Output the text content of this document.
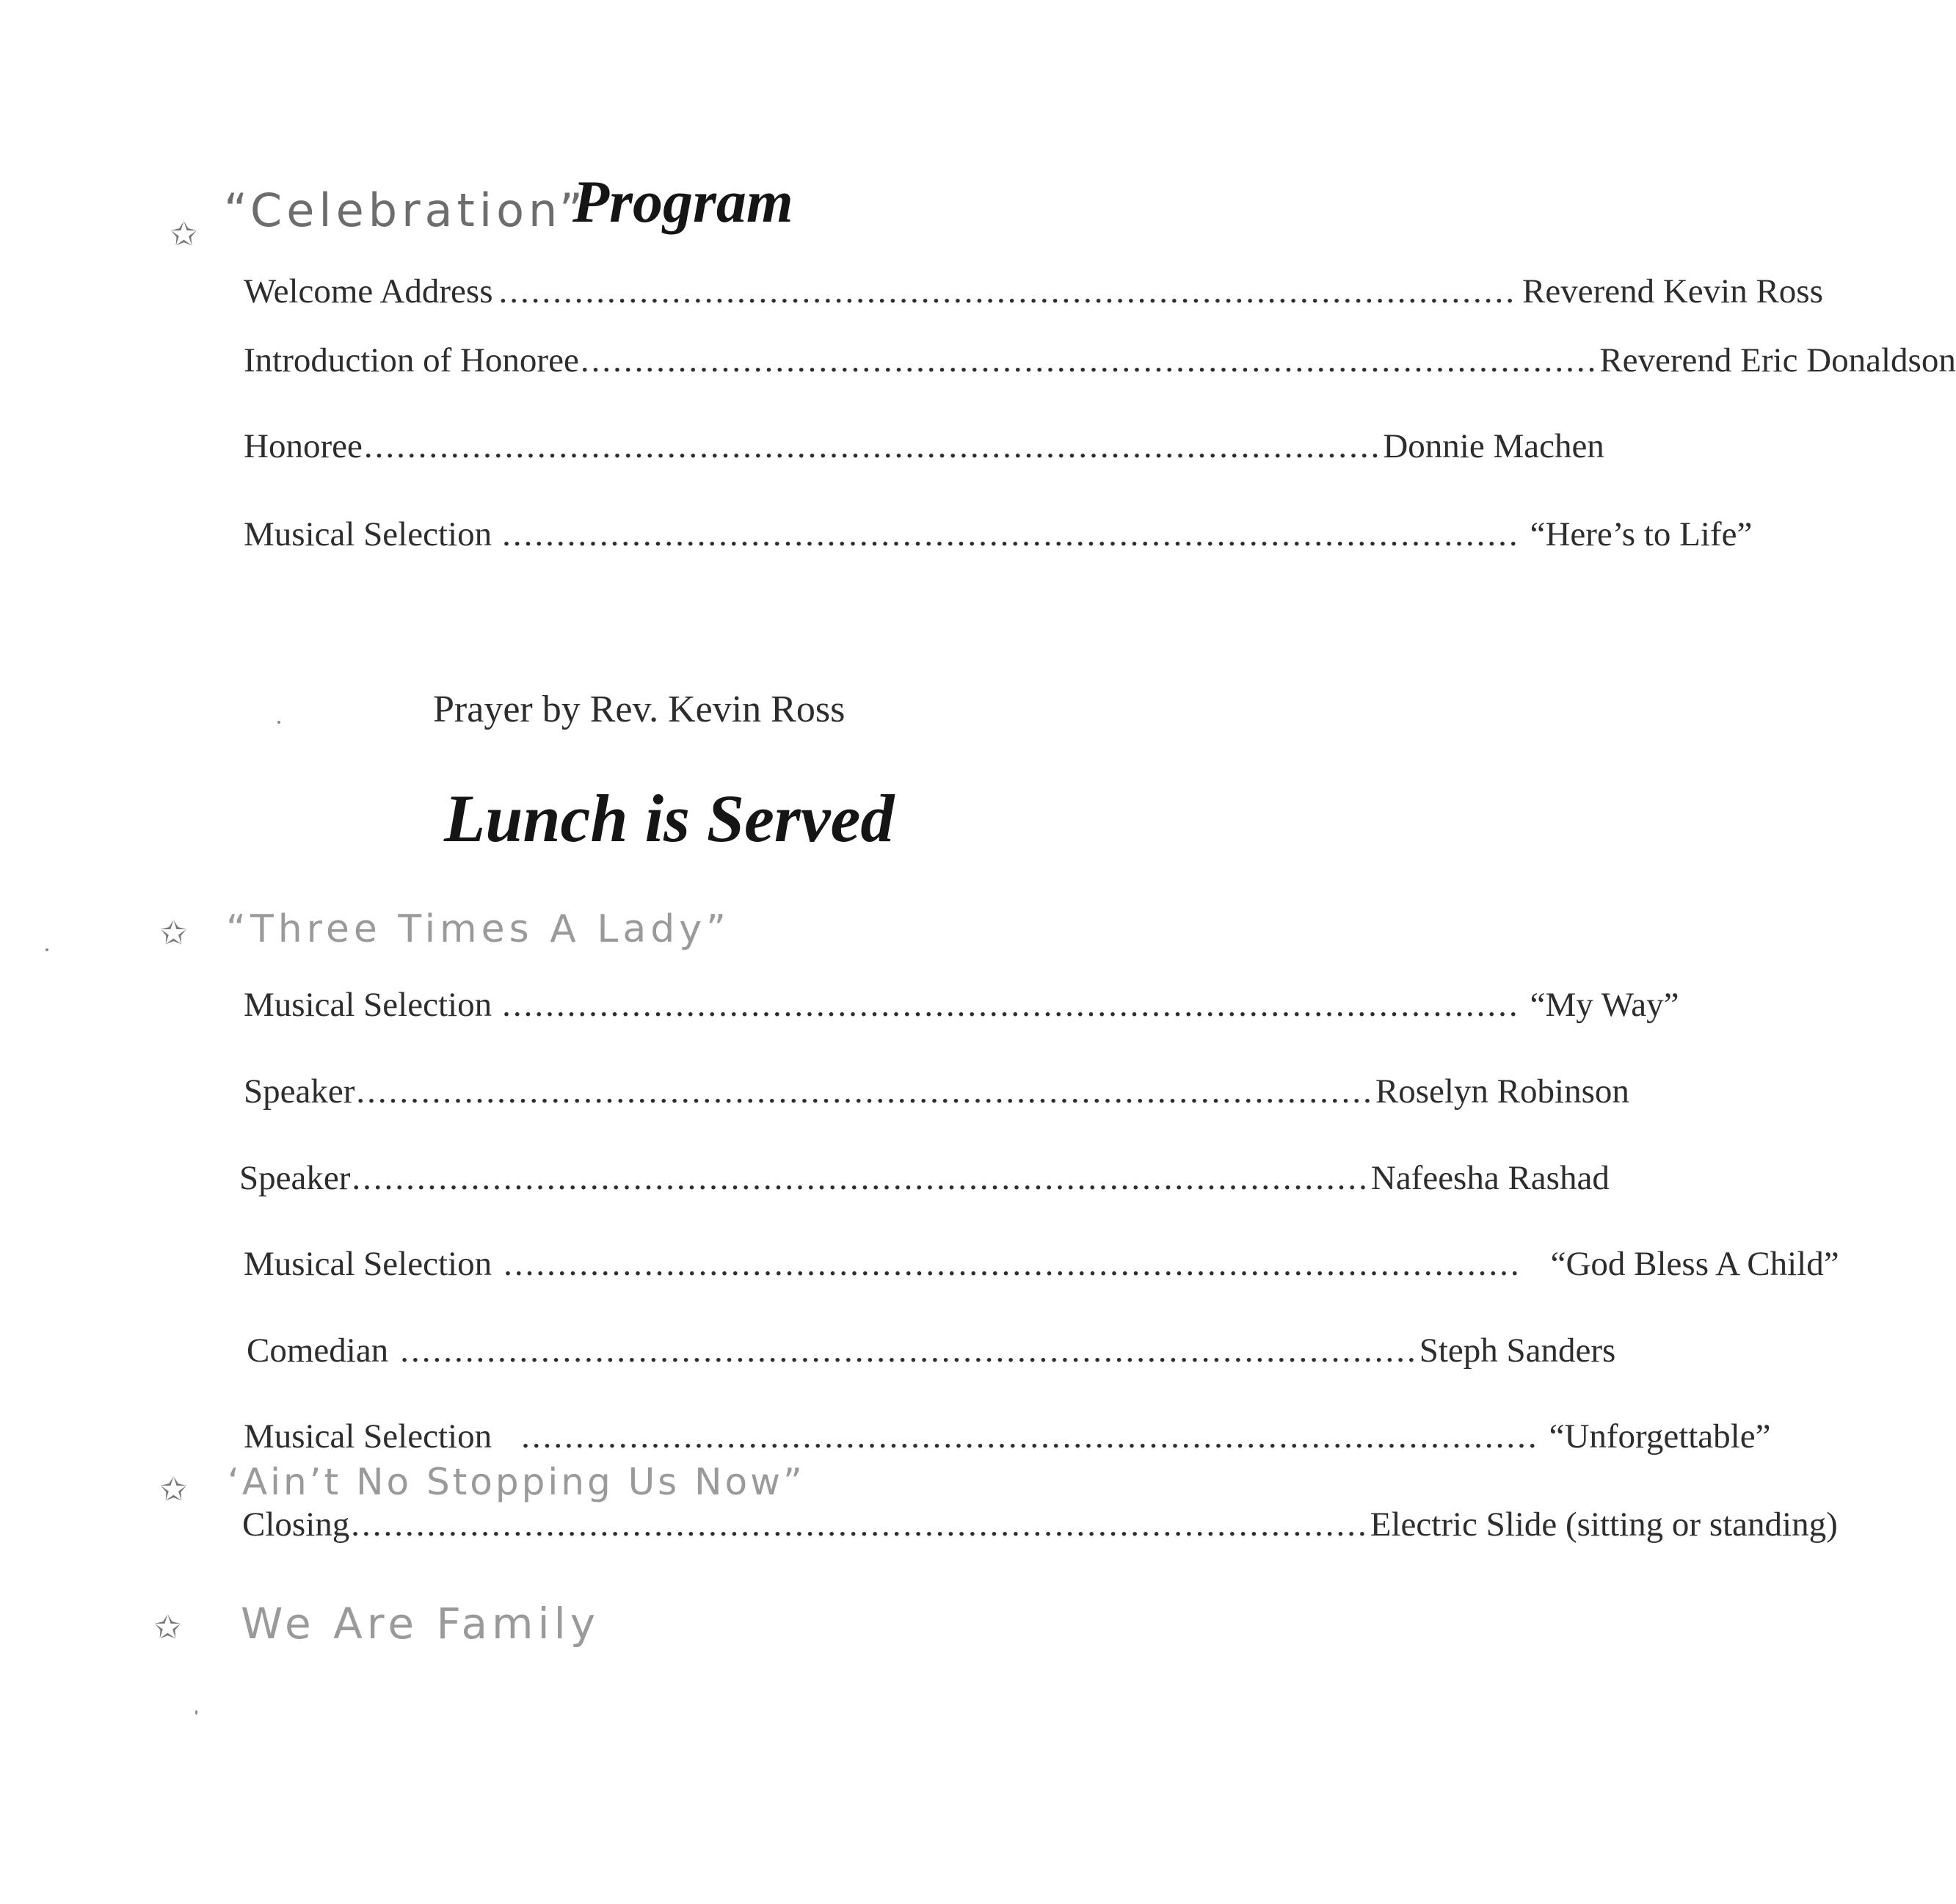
✩ “Celebration”
Program
Welcome Address .............................................................................................. Reverend Kevin Ross
Introduction of Honoree .............................................................................................. Reverend Eric Donaldson
Honoree .............................................................................................. Donnie Machen
Musical Selection .............................................................................................. “Here’s to Life”
Prayer by Rev. Kevin Ross
Lunch is Served
✩ “Three Times A Lady”
Musical Selection .............................................................................................. “My Way”
Speaker .............................................................................................. Roselyn Robinson
Speaker .............................................................................................. Nafeesha Rashad
Musical Selection .............................................................................................. “God Bless A Child”
Comedian .............................................................................................. Steph Sanders
Musical Selection .............................................................................................. “Unforgettable”
✩ ‘Ain’t No Stopping Us Now”
Closing .............................................................................................. Electric Slide (sitting or standing)
✩ We Are Family
